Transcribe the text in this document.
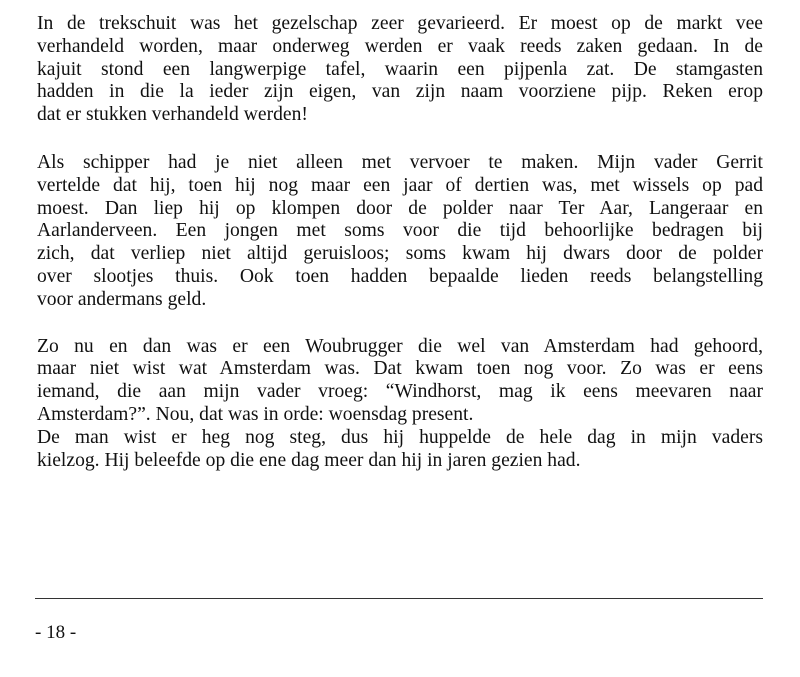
In de trekschuit was het gezelschap zeer gevarieerd. Er moest op de markt vee
verhandeld worden, maar onderweg werden er vaak reeds zaken gedaan. In de
kajuit stond een langwerpige tafel, waarin een pijpenla zat. De stamgasten
hadden in die la ieder zijn eigen, van zijn naam voorziene pijp. Reken erop
dat er stukken verhandeld werden!

Als schipper had je niet alleen met vervoer te maken. Mijn vader Gerrit
vertelde dat hij, toen hij nog maar een jaar of dertien was, met wissels op pad
moest. Dan liep hij op klompen door de polder naar Ter Aar, Langeraar en
Aarlanderveen. Een jongen met soms voor die tijd behoorlijke bedragen bij
zich, dat verliep niet altijd geruisloos; soms kwam hij dwars door de polder
over slootjes thuis. Ook toen hadden bepaalde lieden reeds belangstelling
voor andermans geld.

Zo nu en dan was er een Woubrugger die wel van Amsterdam had gehoord,
maar niet wist wat Amsterdam was. Dat kwam toen nog voor. Zo was er eens
iemand, die aan mijn vader vroeg: “Windhorst, mag ik eens meevaren naar
Amsterdam?”. Nou, dat was in orde: woensdag present.
De man wist er heg nog steg, dus hij huppelde de hele dag in mijn vaders
kielzog. Hij beleefde op die ene dag meer dan hij in jaren gezien had.

- 18 -
